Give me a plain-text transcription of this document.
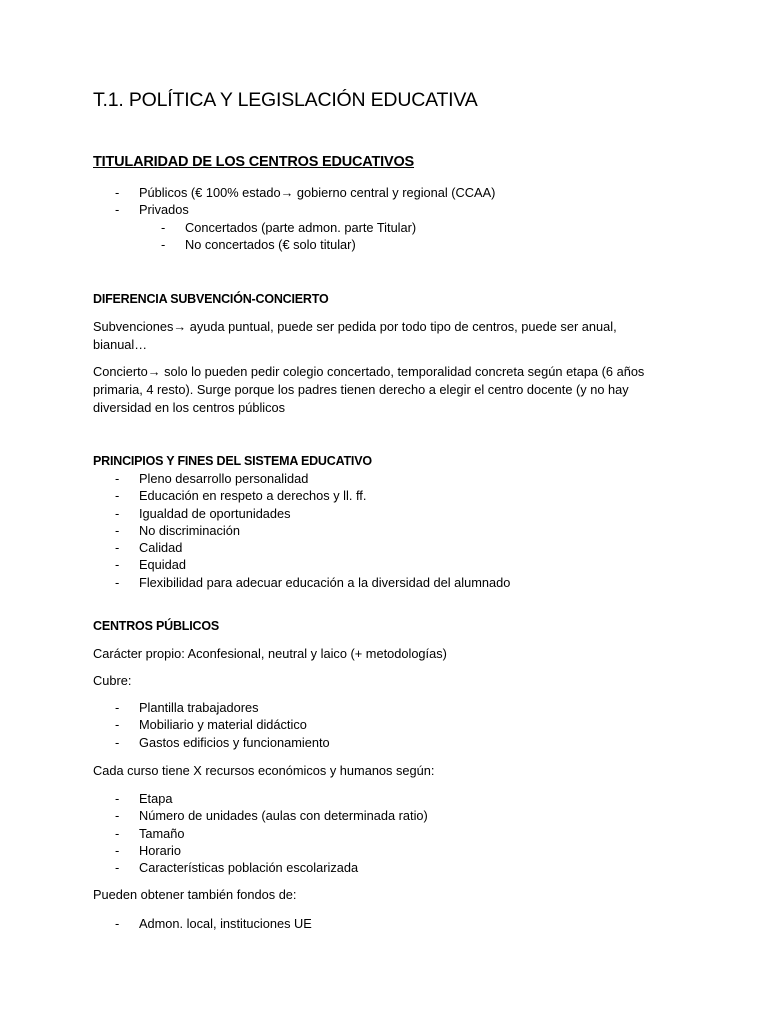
T.1. POLÍTICA Y LEGISLACIÓN EDUCATIVA
TITULARIDAD DE LOS CENTROS EDUCATIVOS
- Públicos (€ 100% estado→ gobierno central y regional (CCAA)
- Privados
- Concertados (parte admon. parte Titular)
- No concertados (€ solo titular)
DIFERENCIA SUBVENCIÓN-CONCIERTO
Subvenciones→ ayuda puntual, puede ser pedida por todo tipo de centros, puede ser anual,
bianual…
Concierto→ solo lo pueden pedir colegio concertado, temporalidad concreta según etapa (6 años
primaria, 4 resto). Surge porque los padres tienen derecho a elegir el centro docente (y no hay
diversidad en los centros públicos
PRINCIPIOS Y FINES DEL SISTEMA EDUCATIVO
- Pleno desarrollo personalidad
- Educación en respeto a derechos y ll. ff.
- Igualdad de oportunidades
- No discriminación
- Calidad
- Equidad
- Flexibilidad para adecuar educación a la diversidad del alumnado
CENTROS PÚBLICOS
Carácter propio: Aconfesional, neutral y laico (+ metodologías)
Cubre:
- Plantilla trabajadores
- Mobiliario y material didáctico
- Gastos edificios y funcionamiento
Cada curso tiene X recursos económicos y humanos según:
- Etapa
- Número de unidades (aulas con determinada ratio)
- Tamaño
- Horario
- Características población escolarizada
Pueden obtener también fondos de:
- Admon. local, instituciones UE
